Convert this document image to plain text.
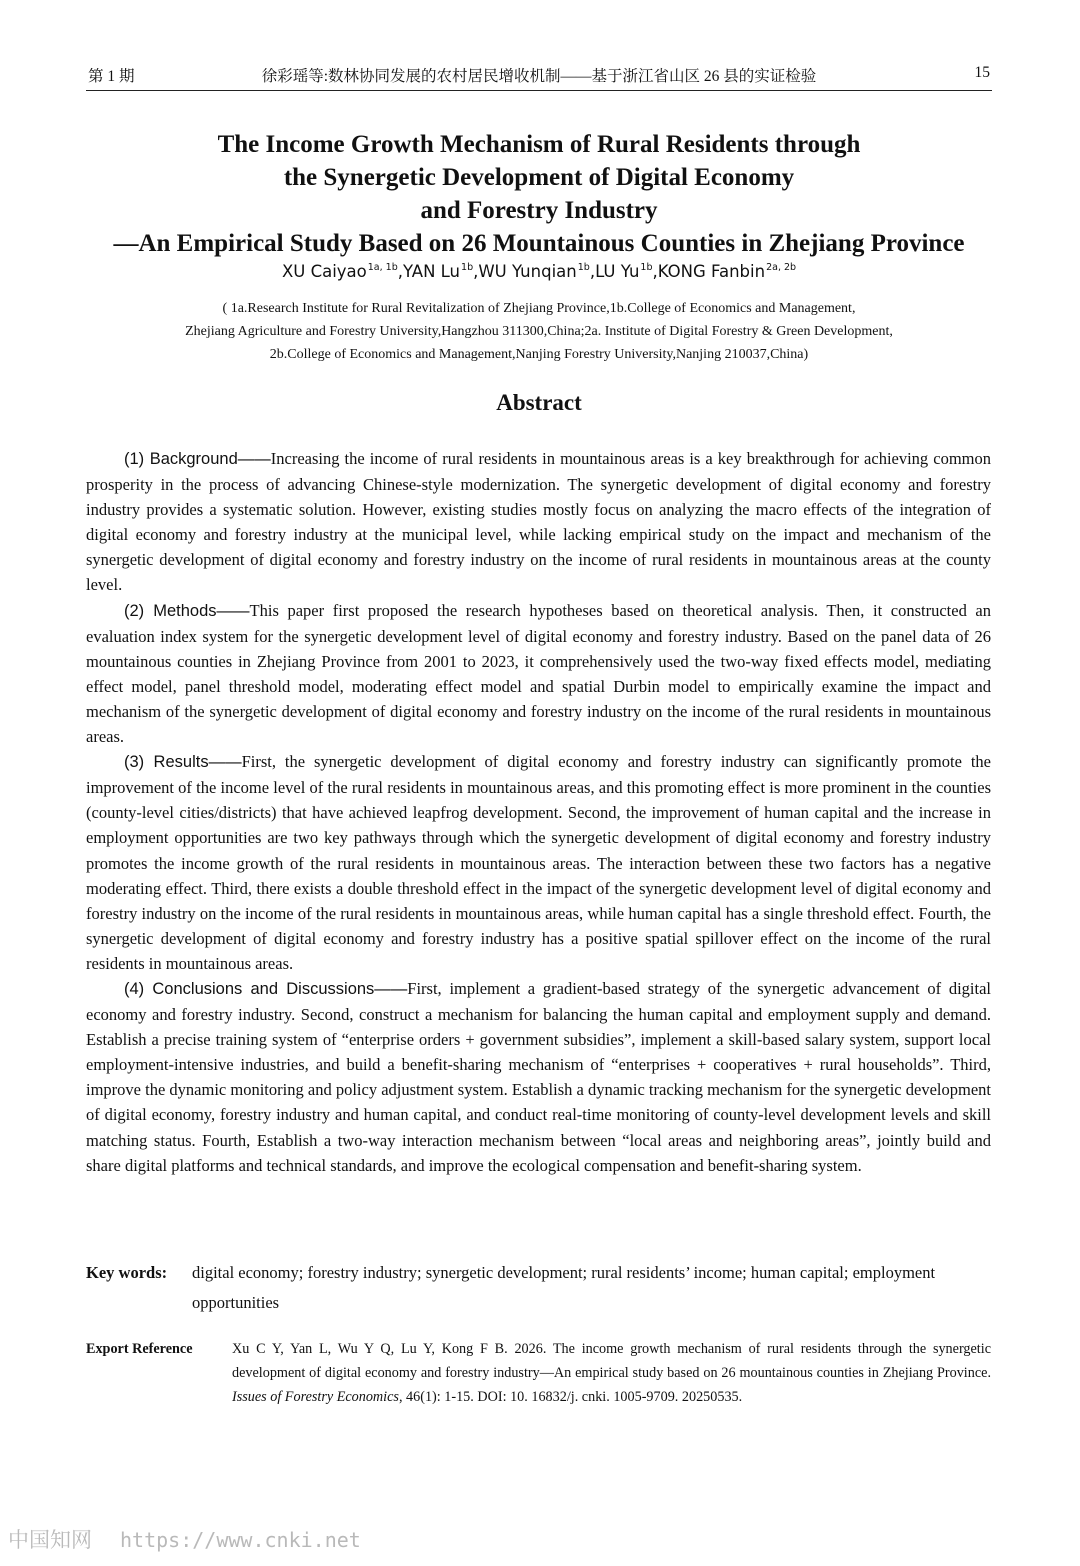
第 1 期	徐彩瑶等:数林协同发展的农村居民增收机制——基于浙江省山区 26 县的实证检验	15
The Income Growth Mechanism of Rural Residents through
the Synergetic Development of Digital Economy
and Forestry Industry
—An Empirical Study Based on 26 Mountainous Counties in Zhejiang Province
XU Caiyao$^{1a, 1b}$,YAN $Lu^{1b},WU$ Yunqian$^{1b}$,LU $Yu^{1b},KONG$ Fanbin$^{2a, 2b}$
( 1a.Research Institute for Rural Revitalization of Zhejiang Province,1b.College of Economics and Management,
Zhejiang Agriculture and Forestry University,Hangzhou 311300,China;2a. Institute of Digital Forestry & Green Development,
2b.College of Economics and Management,Nanjing Forestry University,Nanjing 210037,China)
Abstract

(1) Background——Increasing the income of rural residents in mountainous areas is a key breakthrough for achieving common prosperity in the process of advancing Chinese-style modernization. The synergetic development of digital economy and forestry industry provides a systematic solution. However, existing studies mostly focus on analyzing the macro effects of the integration of digital economy and forestry industry at the municipal level, while lacking empirical study on the impact and mechanism of the synergetic development of digital economy and forestry industry on the income of rural residents in mountainous areas at the county level.

(2) Methods——This paper first proposed the research hypotheses based on theoretical analysis. Then, it constructed an evaluation index system for the synergetic development level of digital economy and forestry industry. Based on the panel data of 26 mountainous counties in Zhejiang Province from 2001 to 2023, it comprehensively used the two-way fixed effects model, mediating effect model, panel threshold model, moderating effect model and spatial Durbin model to empirically examine the impact and mechanism of the synergetic development of digital economy and forestry industry on the income of the rural residents in mountainous areas.

(3) Results——First, the synergetic development of digital economy and forestry industry can significantly promote the improvement of the income level of the rural residents in mountainous areas, and this promoting effect is more prominent in the counties (county-level cities/districts) that have achieved leapfrog development. Second, the improvement of human capital and the increase in employment opportunities are two key pathways through which the synergetic development of digital economy and forestry industry promotes the income growth of the rural residents in mountainous areas. The interaction between these two factors has a negative moderating effect. Third, there exists a double threshold effect in the impact of the synergetic development level of digital economy and forestry industry on the income of the rural residents in mountainous areas, while human capital has a single threshold effect. Fourth, the synergetic development of digital economy and forestry industry has a positive spatial spillover effect on the income of the rural residents in mountainous areas.

(4) Conclusions and Discussions——First, implement a gradient-based strategy of the synergetic advancement of digital economy and forestry industry. Second, construct a mechanism for balancing the human capital and employment supply and demand. Establish a precise training system of “enterprise orders + government subsidies”, implement a skill-based salary system, support local employment-intensive industries, and build a benefit-sharing mechanism of “enterprises + cooperatives + rural households”. Third, improve the dynamic monitoring and policy adjustment system. Establish a dynamic tracking mechanism for the synergetic development of digital economy, forestry industry and human capital, and conduct real-time monitoring of county-level development levels and skill matching status. Fourth, Establish a two-way interaction mechanism between “local areas and neighboring areas”, jointly build and share digital platforms and technical standards, and improve the ecological compensation and benefit-sharing system.

Key words: digital economy; forestry industry; synergetic development; rural residents’ income; human capital; employment opportunities
Export Reference	Xu C Y, Yan L, Wu Y Q, Lu Y, Kong F B. 2026. The income growth mechanism of rural residents through the synergetic development of digital economy and forestry industry—An empirical study based on 26 mountainous counties in Zhejiang Province. Issues of Forestry Economics, 46(1): 1-15. DOI: 10. 16832/j. cnki. 1005-9709. 20250535.
中国知网 https://www.cnki.net
